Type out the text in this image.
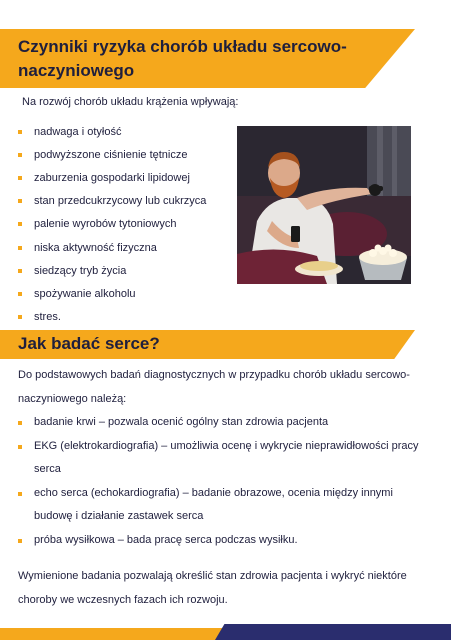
Czynniki ryzyka chorób układu sercowo-naczyniowego
Na rozwój chorób układu krążenia wpływają:
nadwaga i otyłość
podwyższone ciśnienie tętnicze
zaburzenia gospodarki lipidowej
stan przedcukrzycowy lub cukrzyca
palenie wyrobów tytoniowych
niska aktywność fizyczna
siedzący tryb życia
spożywanie alkoholu
stres.
Jak badać serce?

Do podstawowych badań diagnostycznych w przypadku chorób układu sercowo-naczyniowego należą:

badanie krwi – pozwala ocenić ogólny stan zdrowia pacjenta
EKG (elektrokardiografia) – umożliwia ocenę i wykrycie nieprawidłowości pracy serca
echo serca (echokardiografia) – badanie obrazowe, ocenia między innymi budowę i działanie zastawek serca
próba wysiłkowa – bada pracę serca podczas wysiłku.

Wymienione badania pozwalają określić stan zdrowia pacjenta i wykryć niektóre choroby we wczesnych fazach ich rozwoju.
